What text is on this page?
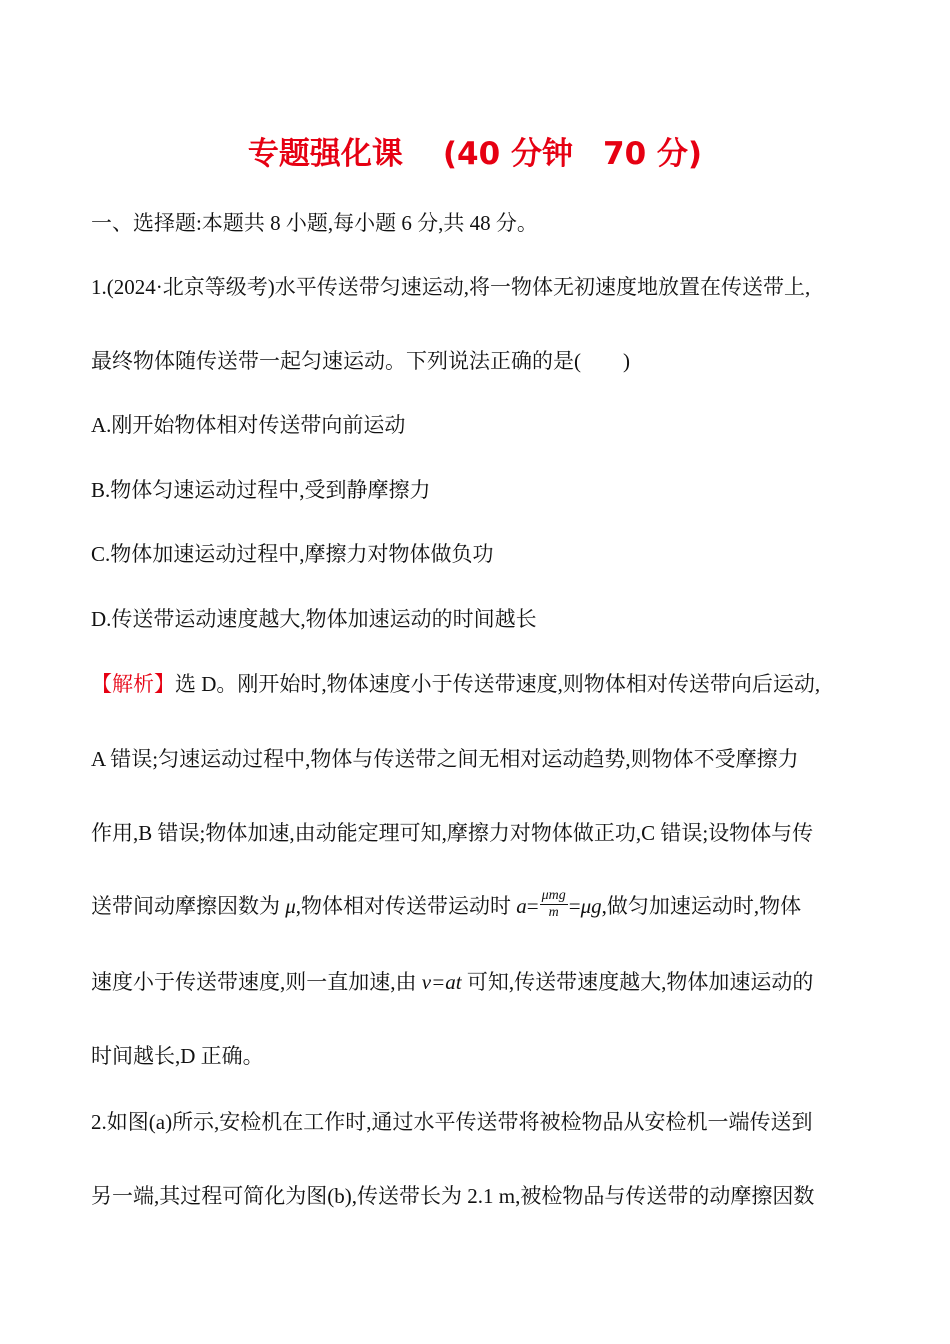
专题强化课 (40 分钟 70 分)
一、选择题:本题共 8 小题,每小题 6 分,共 48 分。
1.(2024·北京等级考)水平传送带匀速运动,将一物体无初速度地放置在传送带上,
最终物体随传送带一起匀速运动。下列说法正确的是(　　)
A.刚开始物体相对传送带向前运动
B.物体匀速运动过程中,受到静摩擦力
C.物体加速运动过程中,摩擦力对物体做负功
D.传送带运动速度越大,物体加速运动的时间越长
【解析】选 D。刚开始时,物体速度小于传送带速度,则物体相对传送带向后运动,
A 错误;匀速运动过程中,物体与传送带之间无相对运动趋势,则物体不受摩擦力
作用,B 错误;物体加速,由动能定理可知,摩擦力对物体做正功,C 错误;设物体与传
送带间动摩擦因数为 μ,物体相对传送带运动时 $a= \frac{\text{μmg}}{m} =\mu g$,做匀加速运动时,物体
速度小于传送带速度,则一直加速,由 v=at 可知,传送带速度越大,物体加速运动的
时间越长,D 正确。
2.如图(a)所示,安检机在工作时,通过水平传送带将被检物品从安检机一端传送到
另一端,其过程可简化为图(b),传送带长为 2.1 m,被检物品与传送带的动摩擦因数
